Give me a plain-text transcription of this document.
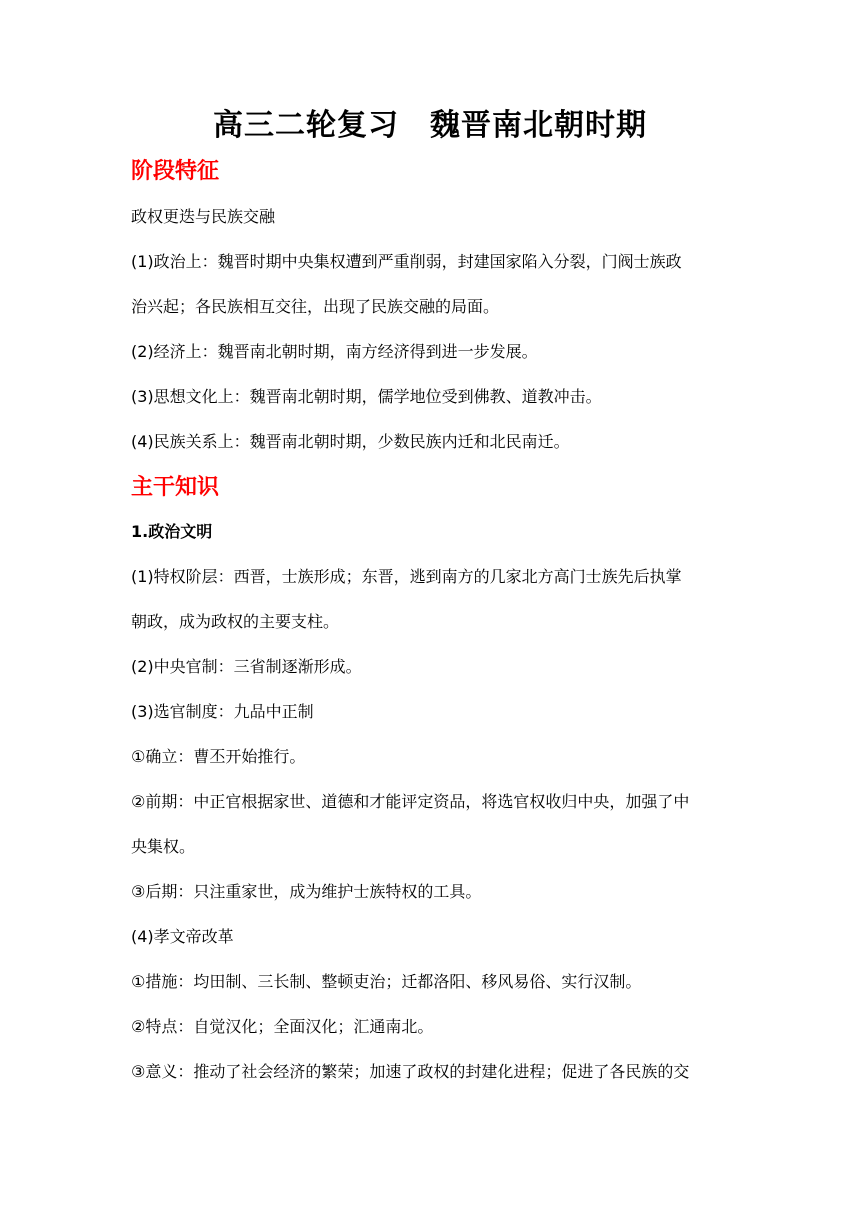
高三二轮复习　魏晋南北朝时期
阶段特征
政权更迭与民族交融
(1)政治上：魏晋时期中央集权遭到严重削弱，封建国家陷入分裂，门阀士族政
治兴起；各民族相互交往，出现了民族交融的局面。
(2)经济上：魏晋南北朝时期，南方经济得到进一步发展。
(3)思想文化上：魏晋南北朝时期，儒学地位受到佛教、道教冲击。
(4)民族关系上：魏晋南北朝时期，少数民族内迁和北民南迁。
主干知识
1.政治文明
(1)特权阶层：西晋，士族形成；东晋，逃到南方的几家北方高门士族先后执掌
朝政，成为政权的主要支柱。
(2)中央官制：三省制逐渐形成。
(3)选官制度：九品中正制
①确立：曹丕开始推行。
②前期：中正官根据家世、道德和才能评定资品，将选官权收归中央，加强了中
央集权。
③后期：只注重家世，成为维护士族特权的工具。
(4)孝文帝改革
①措施：均田制、三长制、整顿吏治；迁都洛阳、移风易俗、实行汉制。
②特点：自觉汉化；全面汉化；汇通南北。
③意义：推动了社会经济的繁荣；加速了政权的封建化进程；促进了各民族的交
